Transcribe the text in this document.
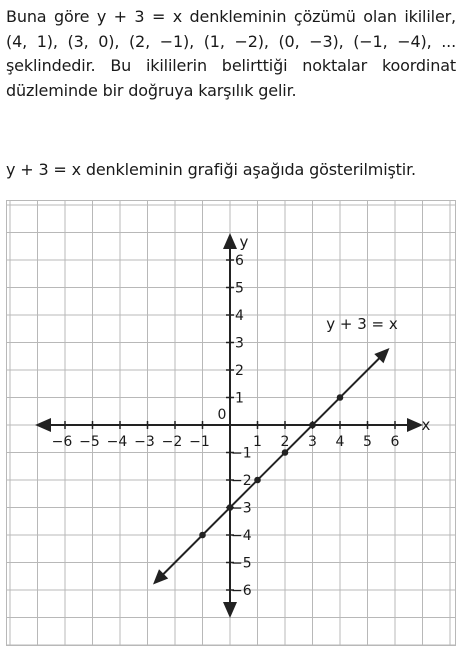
Buna göre y + 3 = x denkleminin çözümü olan ikililer, (4, 1), (3, 0), (2, −1), (1, −2), (0, −3), (−1, −4), ... şeklindedir. Bu ikililerin belirttiği noktalar koordinat düzleminde bir doğruya karşılık gelir.

y + 3 = x denkleminin grafiği aşağıda gösterilmiştir.

−6 −5 −4 −3 −2 −1	1 2 3 4 5 6
6
5
4
3
2
1
−1
−2
−3
−4
−5
−6
0
x
y
y + 3 = x
